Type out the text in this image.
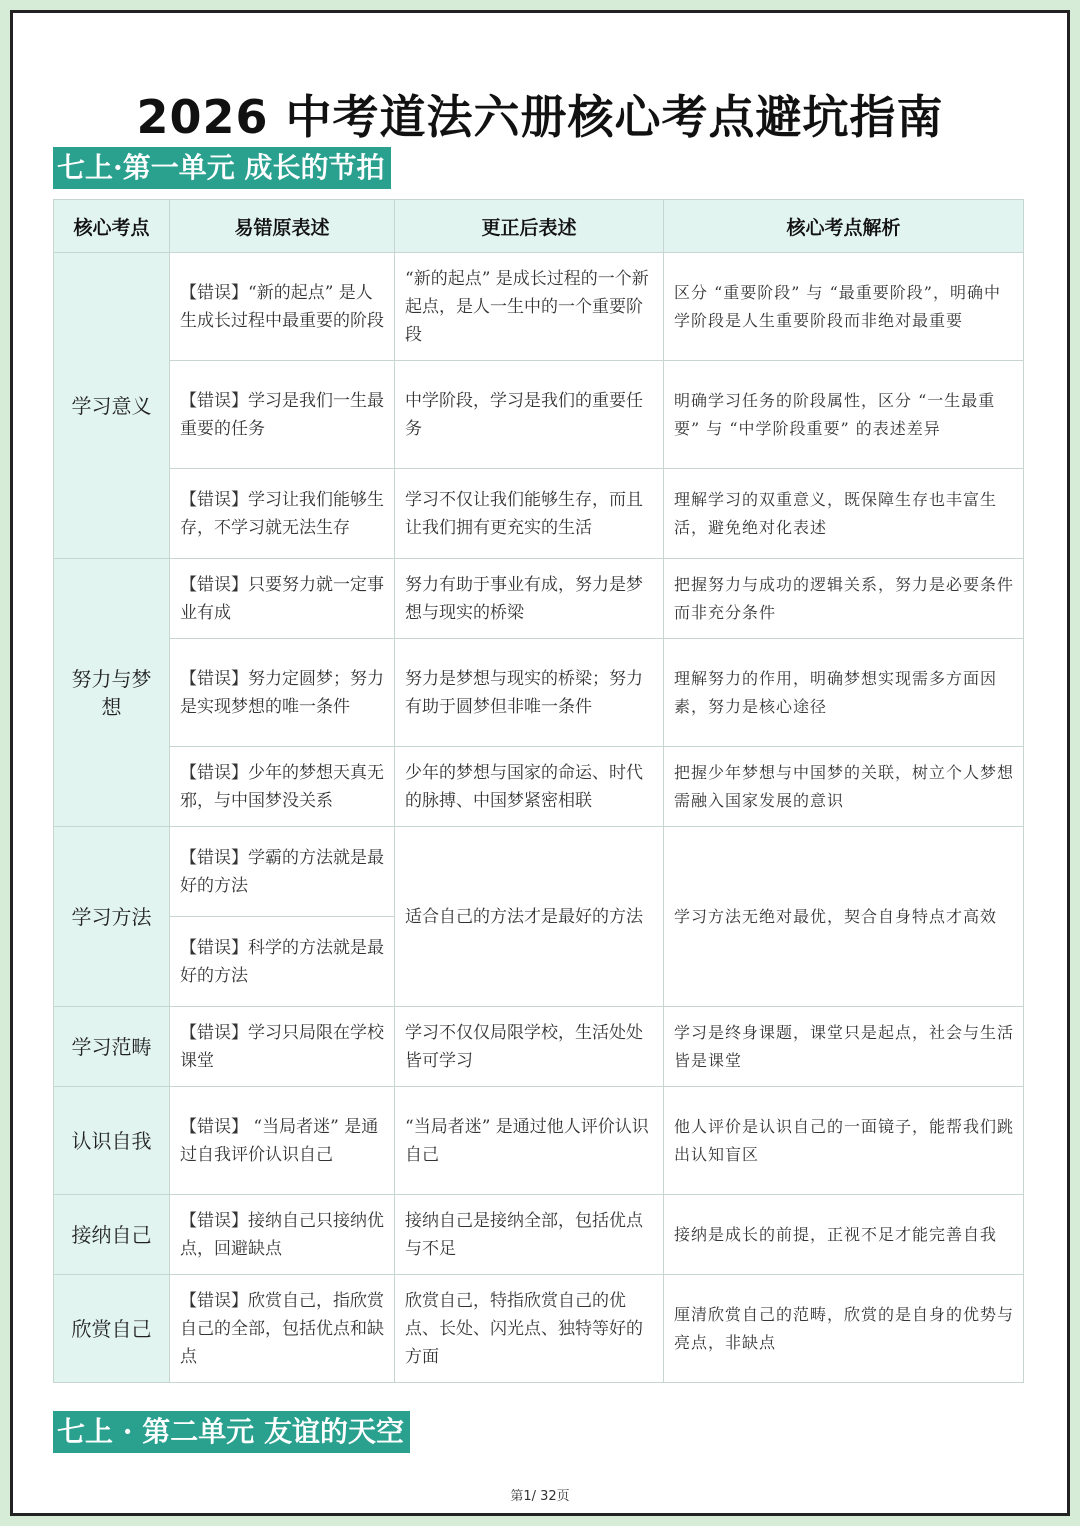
2026 中考道法六册核心考点避坑指南
七上·第一单元 成长的节拍
核心考点	易错原表述	更正后表述	核心考点解析
学习意义	【错误】“新的起点” 是人生成长过程中最重要的阶段	“新的起点” 是成长过程的一个新起点，是人一生中的一个重要阶段	区分 “重要阶段” 与 “最重要阶段”，明确中学阶段是人生重要阶段而非绝对最重要
	【错误】学习是我们一生最重要的任务	中学阶段，学习是我们的重要任务	明确学习任务的阶段属性，区分 “一生最重要” 与 “中学阶段重要” 的表述差异
	【错误】学习让我们能够生存，不学习就无法生存	学习不仅让我们能够生存，而且让我们拥有更充实的生活	理解学习的双重意义，既保障生存也丰富生活，避免绝对化表述
努力与梦想	【错误】只要努力就一定事业有成	努力有助于事业有成，努力是梦想与现实的桥梁	把握努力与成功的逻辑关系，努力是必要条件而非充分条件
	【错误】努力定圆梦；努力是实现梦想的唯一条件	努力是梦想与现实的桥梁；努力有助于圆梦但非唯一条件	理解努力的作用，明确梦想实现需多方面因素，努力是核心途径
	【错误】少年的梦想天真无邪，与中国梦没关系	少年的梦想与国家的命运、时代的脉搏、中国梦紧密相联	把握少年梦想与中国梦的关联，树立个人梦想需融入国家发展的意识
学习方法	【错误】学霸的方法就是最好的方法	适合自己的方法才是最好的方法	学习方法无绝对最优，契合自身特点才高效
	【错误】科学的方法就是最好的方法		
学习范畴	【错误】学习只局限在学校课堂	学习不仅仅局限学校，生活处处皆可学习	学习是终身课题，课堂只是起点，社会与生活皆是课堂
认识自我	【错误】 “当局者迷” 是通过自我评价认识自己	“当局者迷” 是通过他人评价认识自己	他人评价是认识自己的一面镜子，能帮我们跳出认知盲区
接纳自己	【错误】接纳自己只接纳优点，回避缺点	接纳自己是接纳全部，包括优点与不足	接纳是成长的前提，正视不足才能完善自我
欣赏自己	【错误】欣赏自己，指欣赏自己的全部，包括优点和缺点	欣赏自己，特指欣赏自己的优点、长处、闪光点、独特等好的方面	厘清欣赏自己的范畴，欣赏的是自身的优势与亮点，非缺点
七上 · 第二单元 友谊的天空
第1/ 32页
